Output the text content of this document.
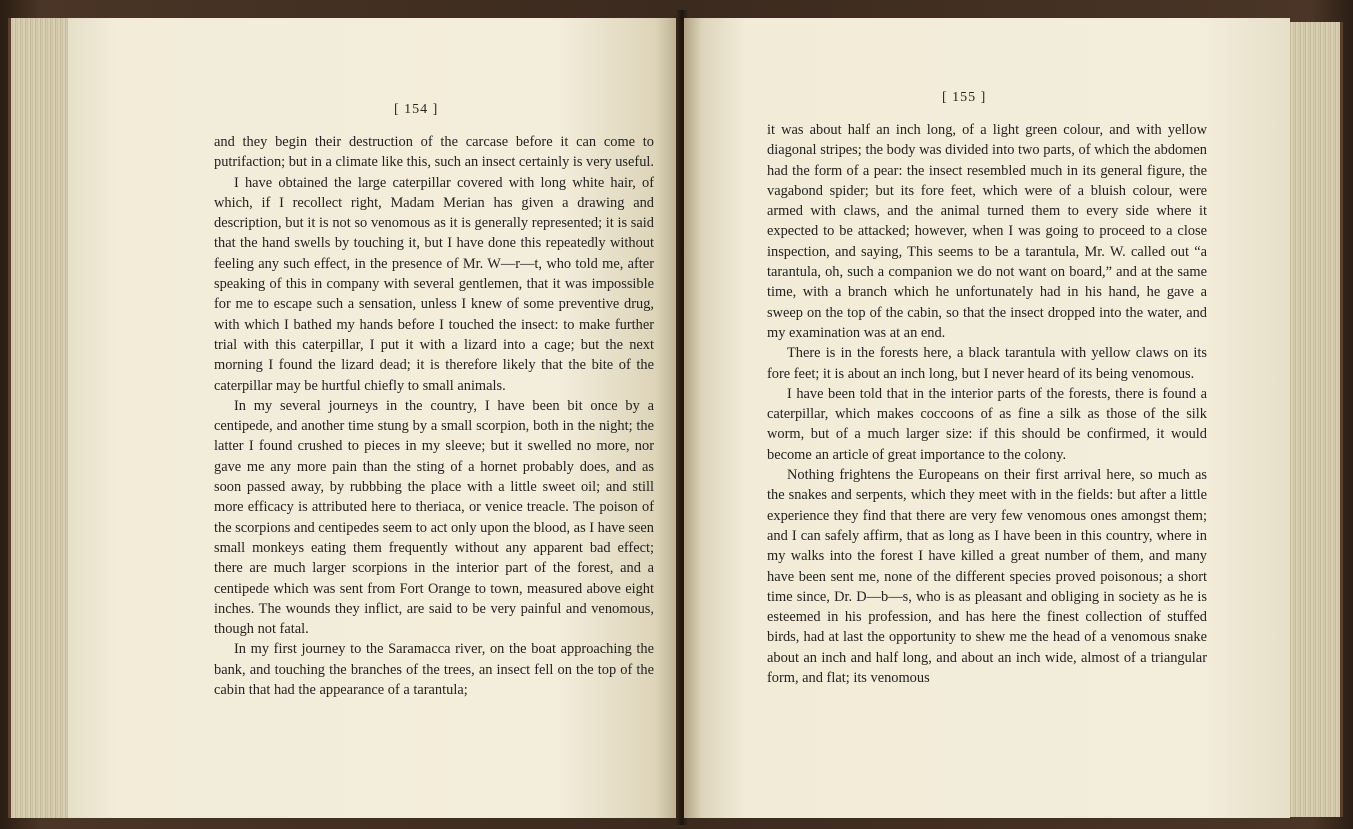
[ 154 ]

and they begin their destruction of the carcase before it can come to putrifaction; but in a climate like this, such an insect certainly is very useful.

I have obtained the large caterpillar covered with long white hair, of which, if I recollect right, Madam Merian has given a drawing and description, but it is not so venomous as it is generally represented; it is said that the hand swells by touching it, but I have done this repeatedly without feeling any such effect, in the presence of Mr. W—r—t, who told me, after speaking of this in company with several gentlemen, that it was impossible for me to escape such a sensation, unless I knew of some preventive drug, with which I bathed my hands before I touched the insect: to make further trial with this caterpillar, I put it with a lizard into a cage; but the next morning I found the lizard dead; it is therefore likely that the bite of the caterpillar may be hurtful chiefly to small animals.

In my several journeys in the country, I have been bit once by a centipede, and another time stung by a small scorpion, both in the night; the latter I found crushed to pieces in my sleeve; but it swelled no more, nor gave me any more pain than the sting of a hornet probably does, and as soon passed away, by rubbbing the place with a little sweet oil; and still more efficacy is attributed here to theriaca, or venice treacle. The poison of the scorpions and centipedes seem to act only upon the blood, as I have seen small monkeys eating them frequently without any apparent bad effect; there are much larger scorpions in the interior part of the forest, and a centipede which was sent from Fort Orange to town, measured above eight inches. The wounds they inflict, are said to be very painful and venomous, though not fatal.

In my first journey to the Saramacca river, on the boat approaching the bank, and touching the branches of the trees, an insect fell on the top of the cabin that had the appearance of a tarantula;

[ 155 ]

it was about half an inch long, of a light green colour, and with yellow diagonal stripes; the body was divided into two parts, of which the abdomen had the form of a pear: the insect resembled much in its general figure, the vagabond spider; but its fore feet, which were of a bluish colour, were armed with claws, and the animal turned them to every side where it expected to be attacked; however, when I was going to proceed to a close inspection, and saying, This seems to be a tarantula, Mr. W. called out “a tarantula, oh, such a companion we do not want on board,” and at the same time, with a branch which he unfortunately had in his hand, he gave a sweep on the top of the cabin, so that the insect dropped into the water, and my examination was at an end.

There is in the forests here, a black tarantula with yellow claws on its fore feet; it is about an inch long, but I never heard of its being venomous.

I have been told that in the interior parts of the forests, there is found a caterpillar, which makes coccoons of as fine a silk as those of the silk worm, but of a much larger size: if this should be confirmed, it would become an article of great importance to the colony.

Nothing frightens the Europeans on their first arrival here, so much as the snakes and serpents, which they meet with in the fields: but after a little experience they find that there are very few venomous ones amongst them; and I can safely affirm, that as long as I have been in this country, where in my walks into the forest I have killed a great number of them, and many have been sent me, none of the different species proved poisonous; a short time since, Dr. D—b—s, who is as pleasant and obliging in society as he is esteemed in his profession, and has here the finest collection of stuffed birds, had at last the opportunity to shew me the head of a venomous snake about an inch and half long, and about an inch wide, almost of a triangular form, and flat; its venomous
